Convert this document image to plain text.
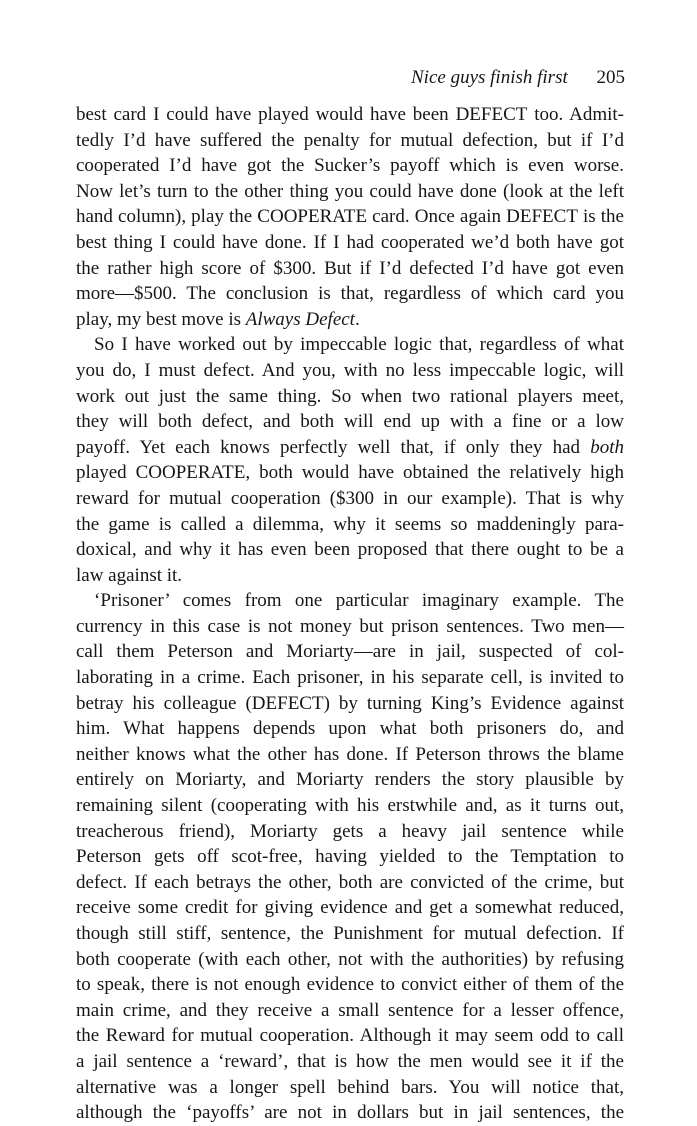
Nice guys finish first 205
best card I could have played would have been DEFECT too. Admit-
tedly I’d have suffered the penalty for mutual defection, but if I’d
cooperated I’d have got the Sucker’s payoff which is even worse.
Now let’s turn to the other thing you could have done (look at the left
hand column), play the COOPERATE card. Once again DEFECT is the
best thing I could have done. If I had cooperated we’d both have got
the rather high score of $300. But if I’d defected I’d have got even
more—$500. The conclusion is that, regardless of which card you
play, my best move is Always Defect.
So I have worked out by impeccable logic that, regardless of what
you do, I must defect. And you, with no less impeccable logic, will
work out just the same thing. So when two rational players meet,
they will both defect, and both will end up with a fine or a low
payoff. Yet each knows perfectly well that, if only they had both
played COOPERATE, both would have obtained the relatively high
reward for mutual cooperation ($300 in our example). That is why
the game is called a dilemma, why it seems so maddeningly para-
doxical, and why it has even been proposed that there ought to be a
law against it.
‘Prisoner’ comes from one particular imaginary example. The
currency in this case is not money but prison sentences. Two men—
call them Peterson and Moriarty—are in jail, suspected of col-
laborating in a crime. Each prisoner, in his separate cell, is invited to
betray his colleague (DEFECT) by turning King’s Evidence against
him. What happens depends upon what both prisoners do, and
neither knows what the other has done. If Peterson throws the blame
entirely on Moriarty, and Moriarty renders the story plausible by
remaining silent (cooperating with his erstwhile and, as it turns out,
treacherous friend), Moriarty gets a heavy jail sentence while
Peterson gets off scot-free, having yielded to the Temptation to
defect. If each betrays the other, both are convicted of the crime, but
receive some credit for giving evidence and get a somewhat reduced,
though still stiff, sentence, the Punishment for mutual defection. If
both cooperate (with each other, not with the authorities) by refusing
to speak, there is not enough evidence to convict either of them of the
main crime, and they receive a small sentence for a lesser offence,
the Reward for mutual cooperation. Although it may seem odd to call
a jail sentence a ‘reward’, that is how the men would see it if the
alternative was a longer spell behind bars. You will notice that,
although the ‘payoffs’ are not in dollars but in jail sentences, the
